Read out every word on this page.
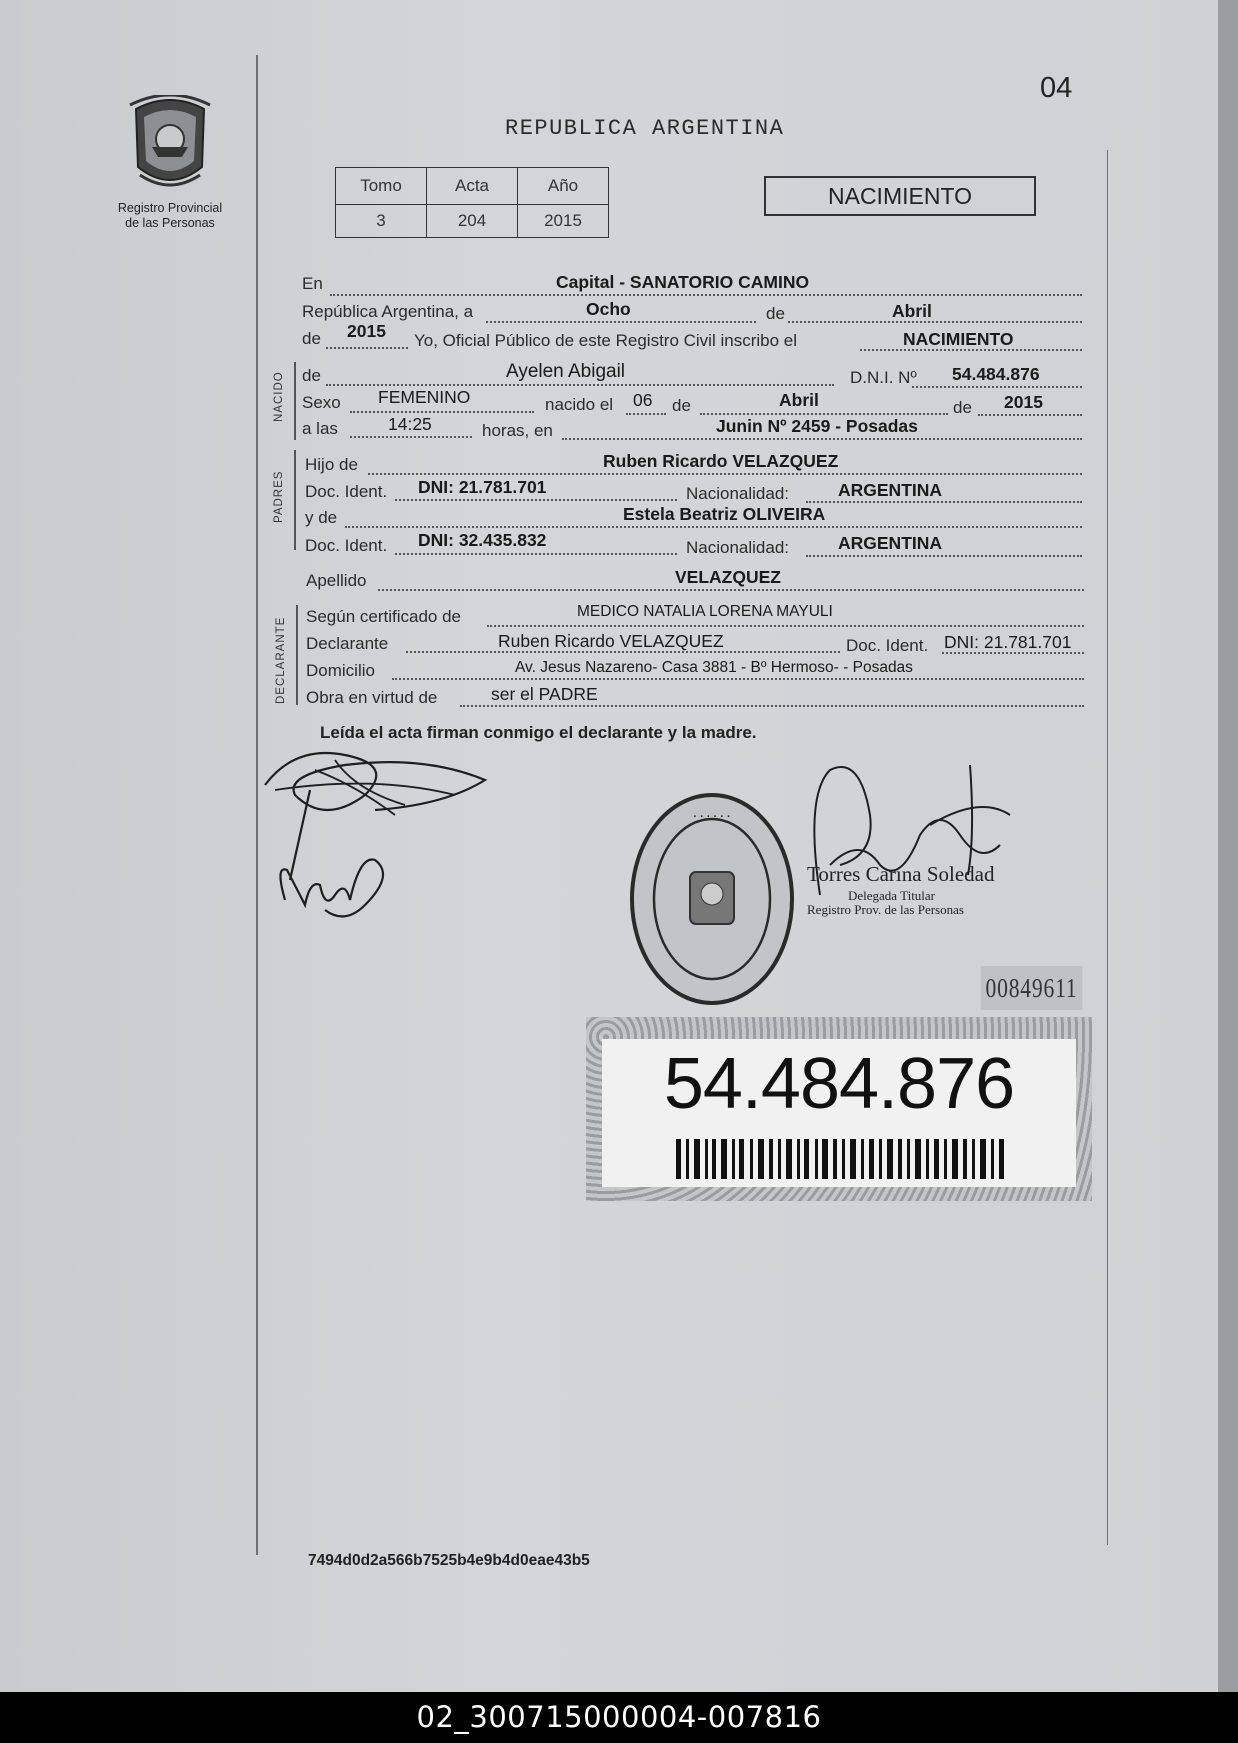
Registro Provincial
de las Personas
04
REPUBLICA ARGENTINA
Tomo	Acta	Año
3	204	2015
NACIMIENTO
En	Capital - SANATORIO CAMINO
República Argentina, a	Ocho	de	Abril
de 2015 Yo, Oficial Público de este Registro Civil inscribo el	NACIMIENTO
NACIDO de	Ayelen Abigail	D.N.I. Nº 54.484.876
Sexo FEMENINO	nacido el 06 de	Abril	de 2015
a las	14:25	horas, en	Junin Nº 2459 - Posadas
PADRES
Hijo de	Ruben Ricardo VELAZQUEZ
Doc. Ident. DNI: 21.781.701	Nacionalidad:	ARGENTINA
y de	Estela Beatriz OLIVEIRA
Doc. Ident. DNI: 32.435.832	Nacionalidad:	ARGENTINA
Apellido	VELAZQUEZ
DECLARANTE
Según certificado de	MEDICO NATALIA LORENA MAYULI
Declarante	Ruben Ricardo VELAZQUEZ	Doc. Ident. DNI: 21.781.701
Domicilio	Av. Jesus Nazareno- Casa 3881 - Bº Hermoso- - Posadas
Obra en virtud de	ser el PADRE
Leída el acta firman conmigo el declarante y la madre.
· · · · · ·
Torres Carina Soledad
Delegada Titular
Registro Prov. de las Personas
00849611
54.484.876
7494d0d2a566b7525b4e9b4d0eae43b5
02_300715000004-007816
